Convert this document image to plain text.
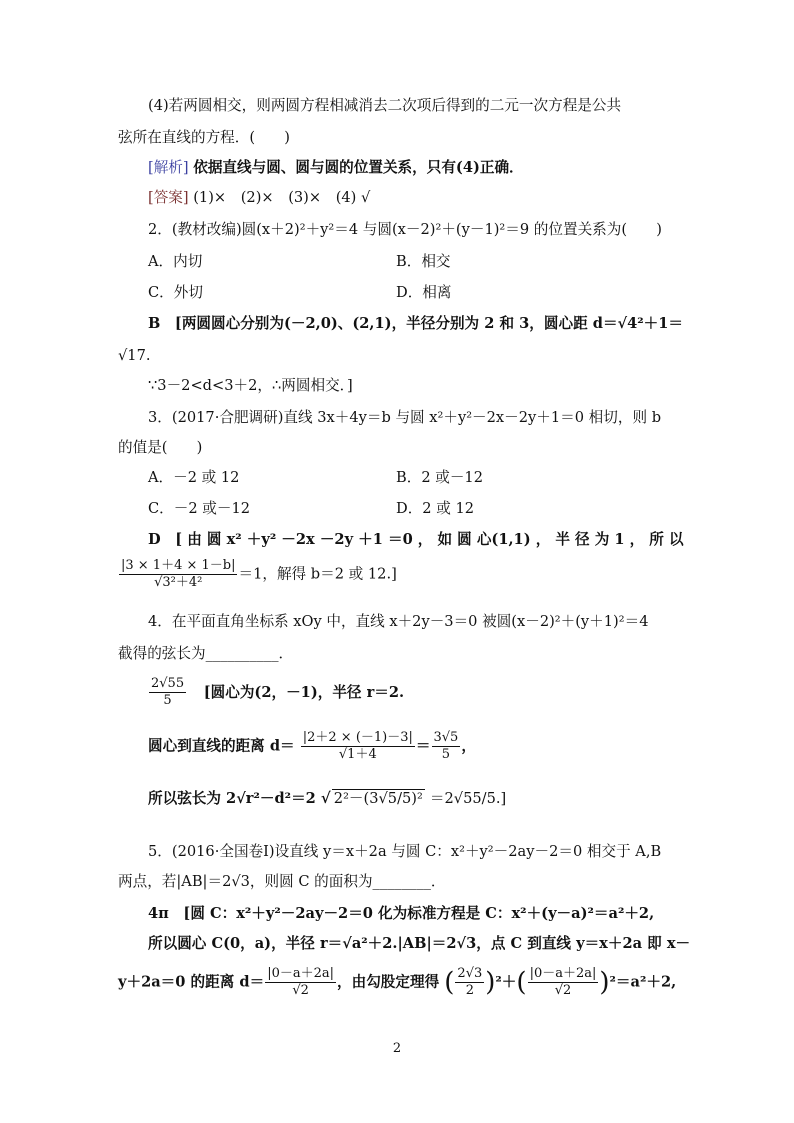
(4)若两圆相交，则两圆方程相减消去二次项后得到的二元一次方程是公共
弦所在直线的方程．(　　)
[解析] 依据直线与圆、圆与圆的位置关系，只有(4)正确．
[答案] (1)×　(2)×　(3)×　(4) √
2．(教材改编)圆(x＋2)²＋y²＝4 与圆(x－2)²＋(y－1)²＝9 的位置关系为(　　)
A．内切	B．相交
C．外切	D．相离
B　[两圆圆心分别为(－2,0)、(2,1)，半径分别为 2 和 3，圆心距 d＝√4²＋1＝
√17.
∵3－2<d<3＋2，∴两圆相交．]
3．(2017·合肥调研)直线 3x＋4y＝b 与圆 x²＋y²－2x－2y＋1＝0 相切，则 b
的值是(　　)
A．－2 或 12	B．2 或－12
C．－2 或－12	D．2 或 12
D　[ 由 圆 x² ＋y² －2x －2y ＋1 ＝0 ， 如 圆 心(1,1) ， 半 径 为 1 ， 所 以
$\frac{|3 \times 1+4 \times 1-b|}{\text{√3²＋4²}} =1$，解得 b＝2 或 12.]
4．在平面直角坐标系 xOy 中，直线 x＋2y－3＝0 被圆(x－2)²＋(y＋1)²＝4
截得的弦长为__________．
$\frac{2√55}{5}$ [圆心为(2，－1)，半径 r＝2.
圆心到直线的距离 $d= \frac{|2+2 \times (-1)-3|}{√1+4} = \frac{3√5}{5}$ ，
所以弦长为 2√r²－d²＝2 √ 2²－(3√5/5)² ＝2√55/5.]
5．(2016·全国卷Ⅰ)设直线 y＝x＋2a 与圆 C：x²＋y²－2ay－2＝0 相交于 A,B
两点，若|AB|＝2√3，则圆 C 的面积为________．
4π　[圆 C：x²＋y²－2ay－2＝0 化为标准方程是 C：x²＋(y－a)²＝a²＋2,
所以圆心 C(0，a)，半径 r＝√a²＋2.|AB|＝2√3，点 C 到直线 y＝x＋2a 即 x－
y＋2a＝0 的距离 $d= \frac{|0-a+2a|}{√2}$ ，由勾股定理得 ( $\frac{2√3}{2} )^2+( \frac{|0-a+2a|}{√2} )^2=a^2+2$,
2
